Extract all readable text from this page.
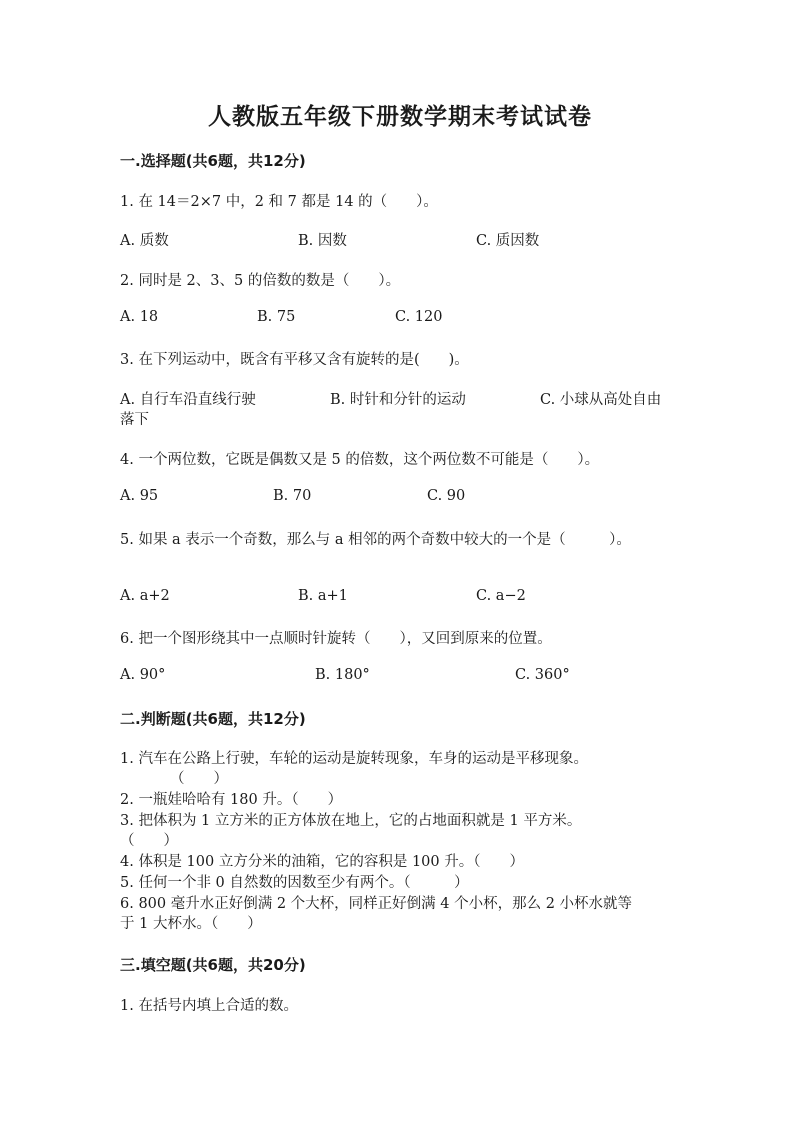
人教版五年级下册数学期末考试试卷
一.选择题(共6题，共12分)
1. 在 14＝2×7 中，2 和 7 都是 14 的（　　）。
A. 质数	B. 因数	C. 质因数
2. 同时是 2、3、5 的倍数的数是（　　）。
A. 18	B. 75	C. 120
3. 在下列运动中，既含有平移又含有旋转的是(　　)。
A. 自行车沿直线行驶	B. 时针和分针的运动	C. 小球从高处自由
落下
4. 一个两位数，它既是偶数又是 5 的倍数，这个两位数不可能是（　　）。
A. 95	B. 70	C. 90
5. 如果 a 表示一个奇数，那么与 a 相邻的两个奇数中较大的一个是（　　　）。
A. a+2	B. a+1	C. a−2
6. 把一个图形绕其中一点顺时针旋转（　　），又回到原来的位置。
A. 90°	B. 180°	C. 360°
二.判断题(共6题，共12分)
1. 汽车在公路上行驶，车轮的运动是旋转现象，车身的运动是平移现象。
（　　）
2. 一瓶娃哈哈有 180 升。（　　）
3. 把体积为 1 立方米的正方体放在地上，它的占地面积就是 1 平方米。
（　　）
4. 体积是 100 立方分米的油箱，它的容积是 100 升。（　　）
5. 任何一个非 0 自然数的因数至少有两个。（　　　）
6. 800 毫升水正好倒满 2 个大杯，同样正好倒满 4 个小杯，那么 2 小杯水就等
于 1 大杯水。（　　）
三.填空题(共6题，共20分)
1. 在括号内填上合适的数。
